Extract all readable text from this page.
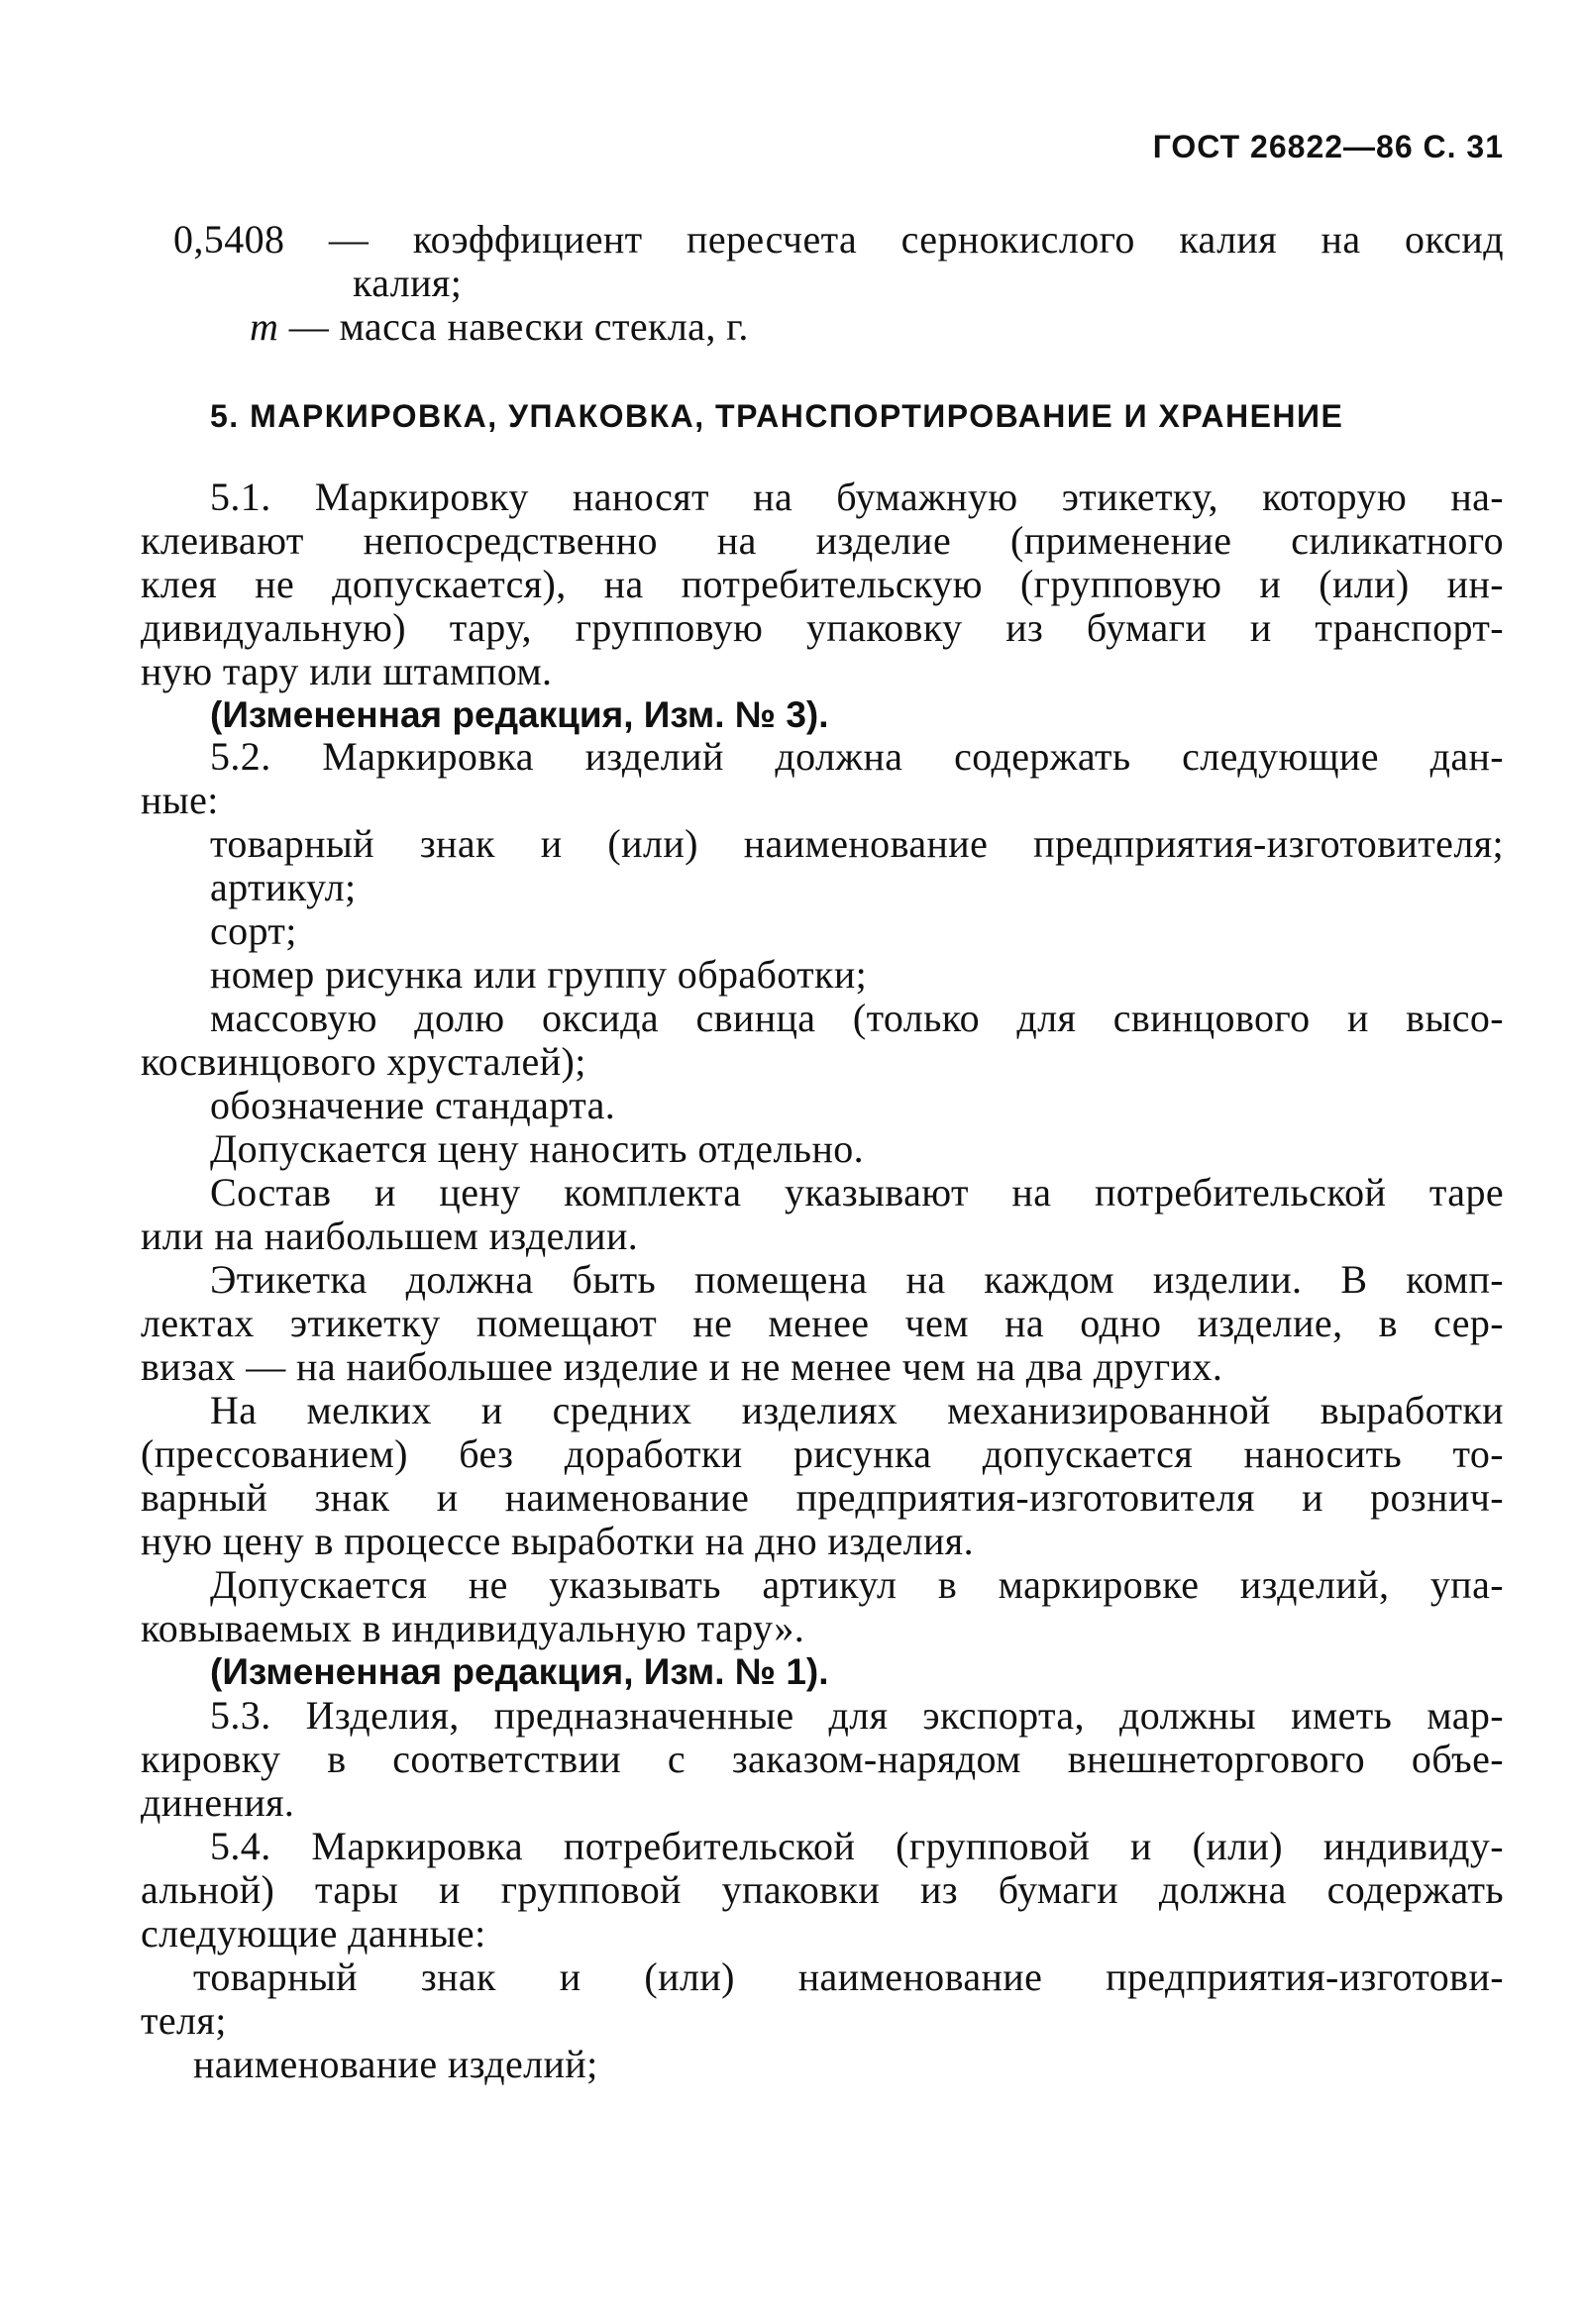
ГОСТ 26822—86 С. 31
0,5408 — коэффициент пересчета сернокислого калия на оксид
калия;
m — масса навески стекла, г.
5. МАРКИРОВКА, УПАКОВКА, ТРАНСПОРТИРОВАНИЕ И ХРАНЕНИЕ
5.1. Маркировку наносят на бумажную этикетку, которую на-
клеивают непосредственно на изделие (применение силикатного
клея не допускается), на потребительскую (групповую и (или) ин-
дивидуальную) тару, групповую упаковку из бумаги и транспорт-
ную тару или штампом.
(Измененная редакция, Изм. № 3).
5.2. Маркировка изделий должна содержать следующие дан-
ные:
товарный знак и (или) наименование предприятия-изготовителя;
артикул;
сорт;
номер рисунка или группу обработки;
массовую долю оксида свинца (только для свинцового и высо-
косвинцового хрусталей);
обозначение стандарта.
Допускается цену наносить отдельно.
Состав и цену комплекта указывают на потребительской таре
или на наибольшем изделии.
Этикетка должна быть помещена на каждом изделии. В комп-
лектах этикетку помещают не менее чем на одно изделие, в сер-
визах — на наибольшее изделие и не менее чем на два других.
На мелких и средних изделиях механизированной выработки
(прессованием) без доработки рисунка допускается наносить то-
варный знак и наименование предприятия-изготовителя и рознич-
ную цену в процессе выработки на дно изделия.
Допускается не указывать артикул в маркировке изделий, упа-
ковываемых в индивидуальную тару».
(Измененная редакция, Изм. № 1).
5.3. Изделия, предназначенные для экспорта, должны иметь мар-
кировку в соответствии с заказом-нарядом внешнеторгового объе-
динения.
5.4. Маркировка потребительской (групповой и (или) индивиду-
альной) тары и групповой упаковки из бумаги должна содержать
следующие данные:
товарный знак и (или) наименование предприятия-изготови-
теля;
наименование изделий;
